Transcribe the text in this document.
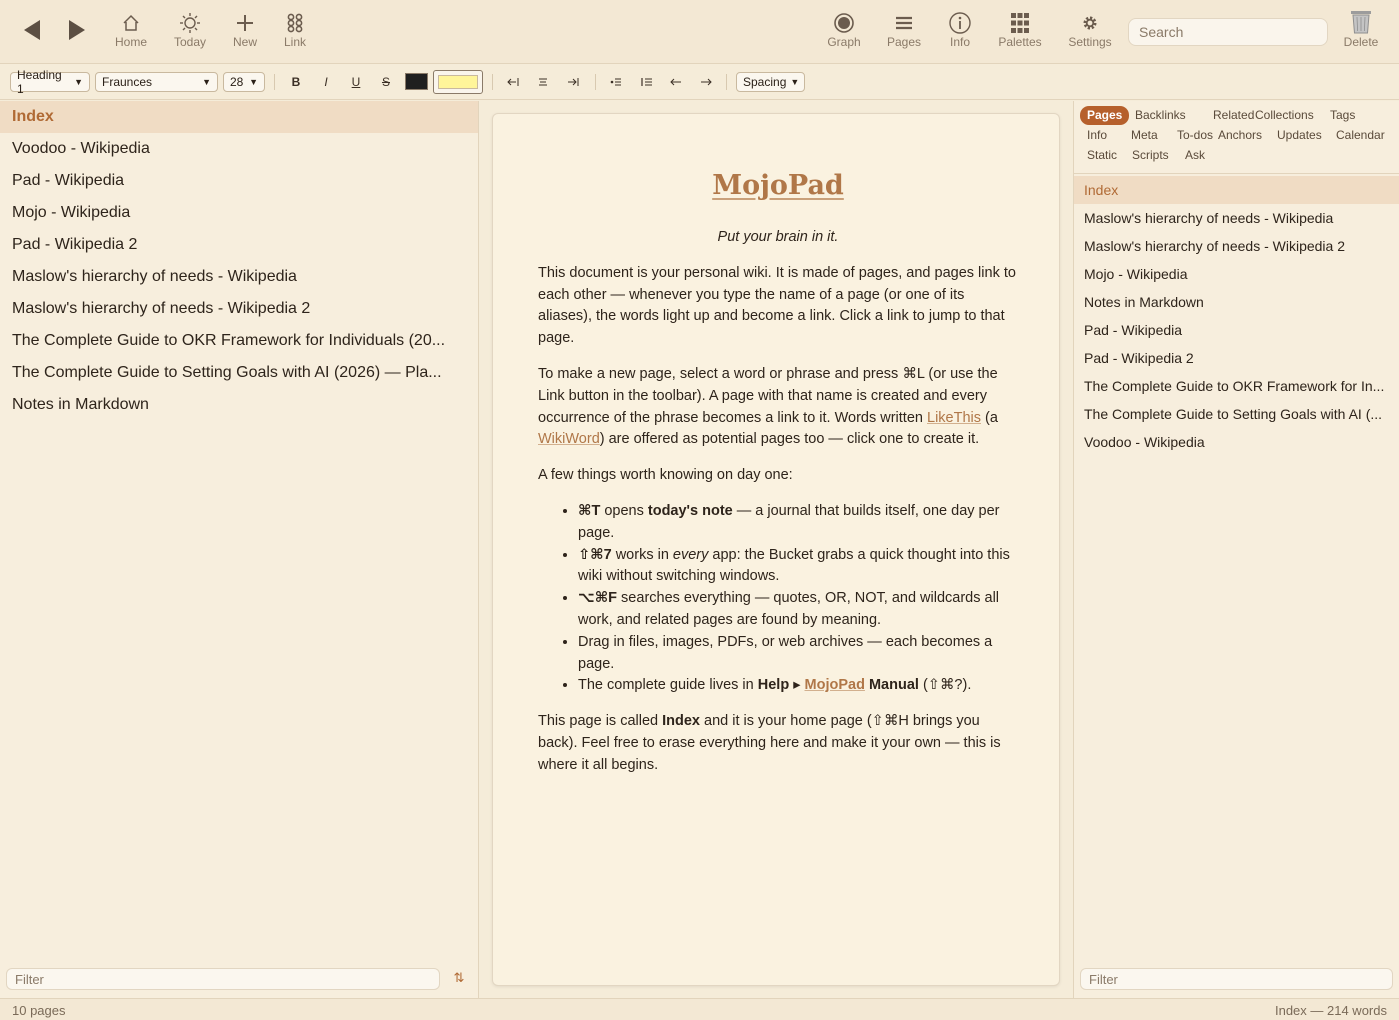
Home Today New Link	Graph Pages Info Palettes Settings
Search	Delete
Heading 1	▼ Fraunces	▼ 28 ▼	B	I	U	S	Spacing ▼
Index
Voodoo - Wikipedia
Pad - Wikipedia
Mojo - Wikipedia
Pad - Wikipedia 2
Maslow's hierarchy of needs - Wikipedia
Maslow's hierarchy of needs - Wikipedia 2
The Complete Guide to OKR Framework for Individuals (20...
The Complete Guide to Setting Goals with AI (2026) — Pla...
Notes in Markdown
Filter
⇅
MojoPad
Put your brain in it.
This document is your personal wiki. It is made of pages, and pages link to each other — whenever you type the name of a page (or one of its aliases), the words light up and become a link. Click a link to jump to that page.
To make a new page, select a word or phrase and press ⌘L (or use the Link button in the toolbar). A page with that name is created and every occurrence of the phrase becomes a link to it. Words written LikeThis (a WikiWord) are offered as potential pages too — click one to create it.
A few things worth knowing on day one:
• ⌘T opens today's note — a journal that builds itself, one day per page.
• ⇧⌘7 works in every app: the Bucket grabs a quick thought into this wiki without switching windows.
• ⌥⌘F searches everything — quotes, OR, NOT, and wildcards all work, and related pages are found by meaning.
• Drag in files, images, PDFs, or web archives — each becomes a page.
• The complete guide lives in Help ▸ MojoPad Manual (⇧⌘?).
This page is called Index and it is your home page (⇧⌘H brings you back). Feel free to erase everything here and make it your own — this is where it all begins.
Pages	Backlinks	Related Collections	Tags
Info	Meta	To-dos Anchors	Updates	Calendar
Static	Scripts	Ask
Index
Maslow's hierarchy of needs - Wikipedia
Maslow's hierarchy of needs - Wikipedia 2
Mojo - Wikipedia
Notes in Markdown
Pad - Wikipedia
Pad - Wikipedia 2
The Complete Guide to OKR Framework for In...
The Complete Guide to Setting Goals with AI (...
Voodoo - Wikipedia
Filter
10 pages	Index — 214 words
